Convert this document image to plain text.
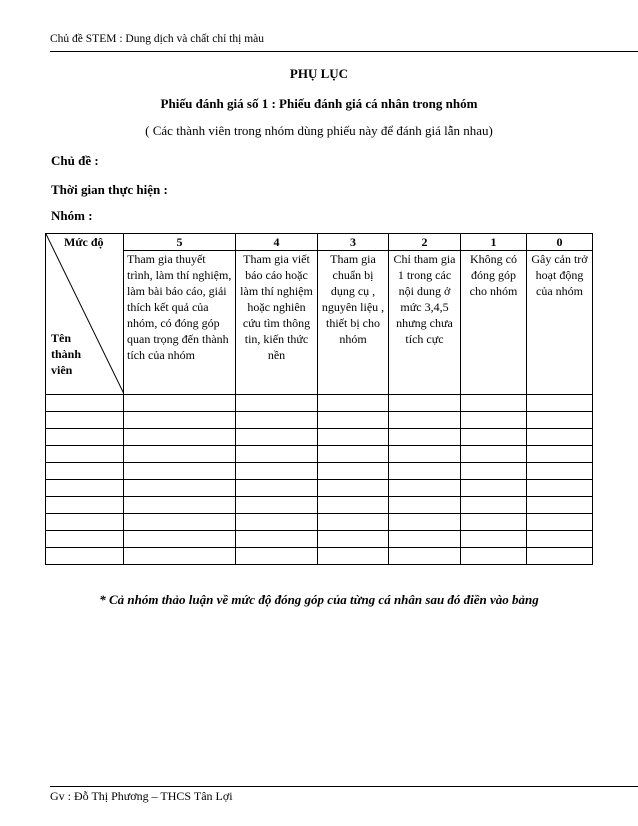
Chủ đề STEM : Dung dịch và chất chỉ thị màu
PHỤ LỤC
Phiếu đánh giá số 1 : Phiếu đánh giá cá nhân trong nhóm
( Các thành viên trong nhóm dùng phiếu này để đánh giá lẫn nhau)
Chủ đề :
Thời gian thực hiện :
Nhóm :
Mức độ
Tên
thành
viên	5	4	3	2	1	0
	Tham gia thuyết trình, làm thí nghiệm, làm bài báo cáo, giải thích kết quả của nhóm, có đóng góp quan trọng đến thành tích của nhóm	Tham gia viết báo cáo hoặc làm thí nghiệm hoặc nghiên cứu tìm thông tin, kiến thức nền	Tham gia chuẩn bị dụng cụ , nguyên liệu , thiết bị cho nhóm	Chỉ tham gia 1 trong các nội dung ở mức 3,4,5 nhưng chưa tích cực	Không có đóng góp cho nhóm	Gây cản trở hoạt động của nhóm

* Cả nhóm thảo luận về mức độ đóng góp của từng cá nhân sau đó điền vào bảng
Gv : Đỗ Thị Phương – THCS Tân Lợi
